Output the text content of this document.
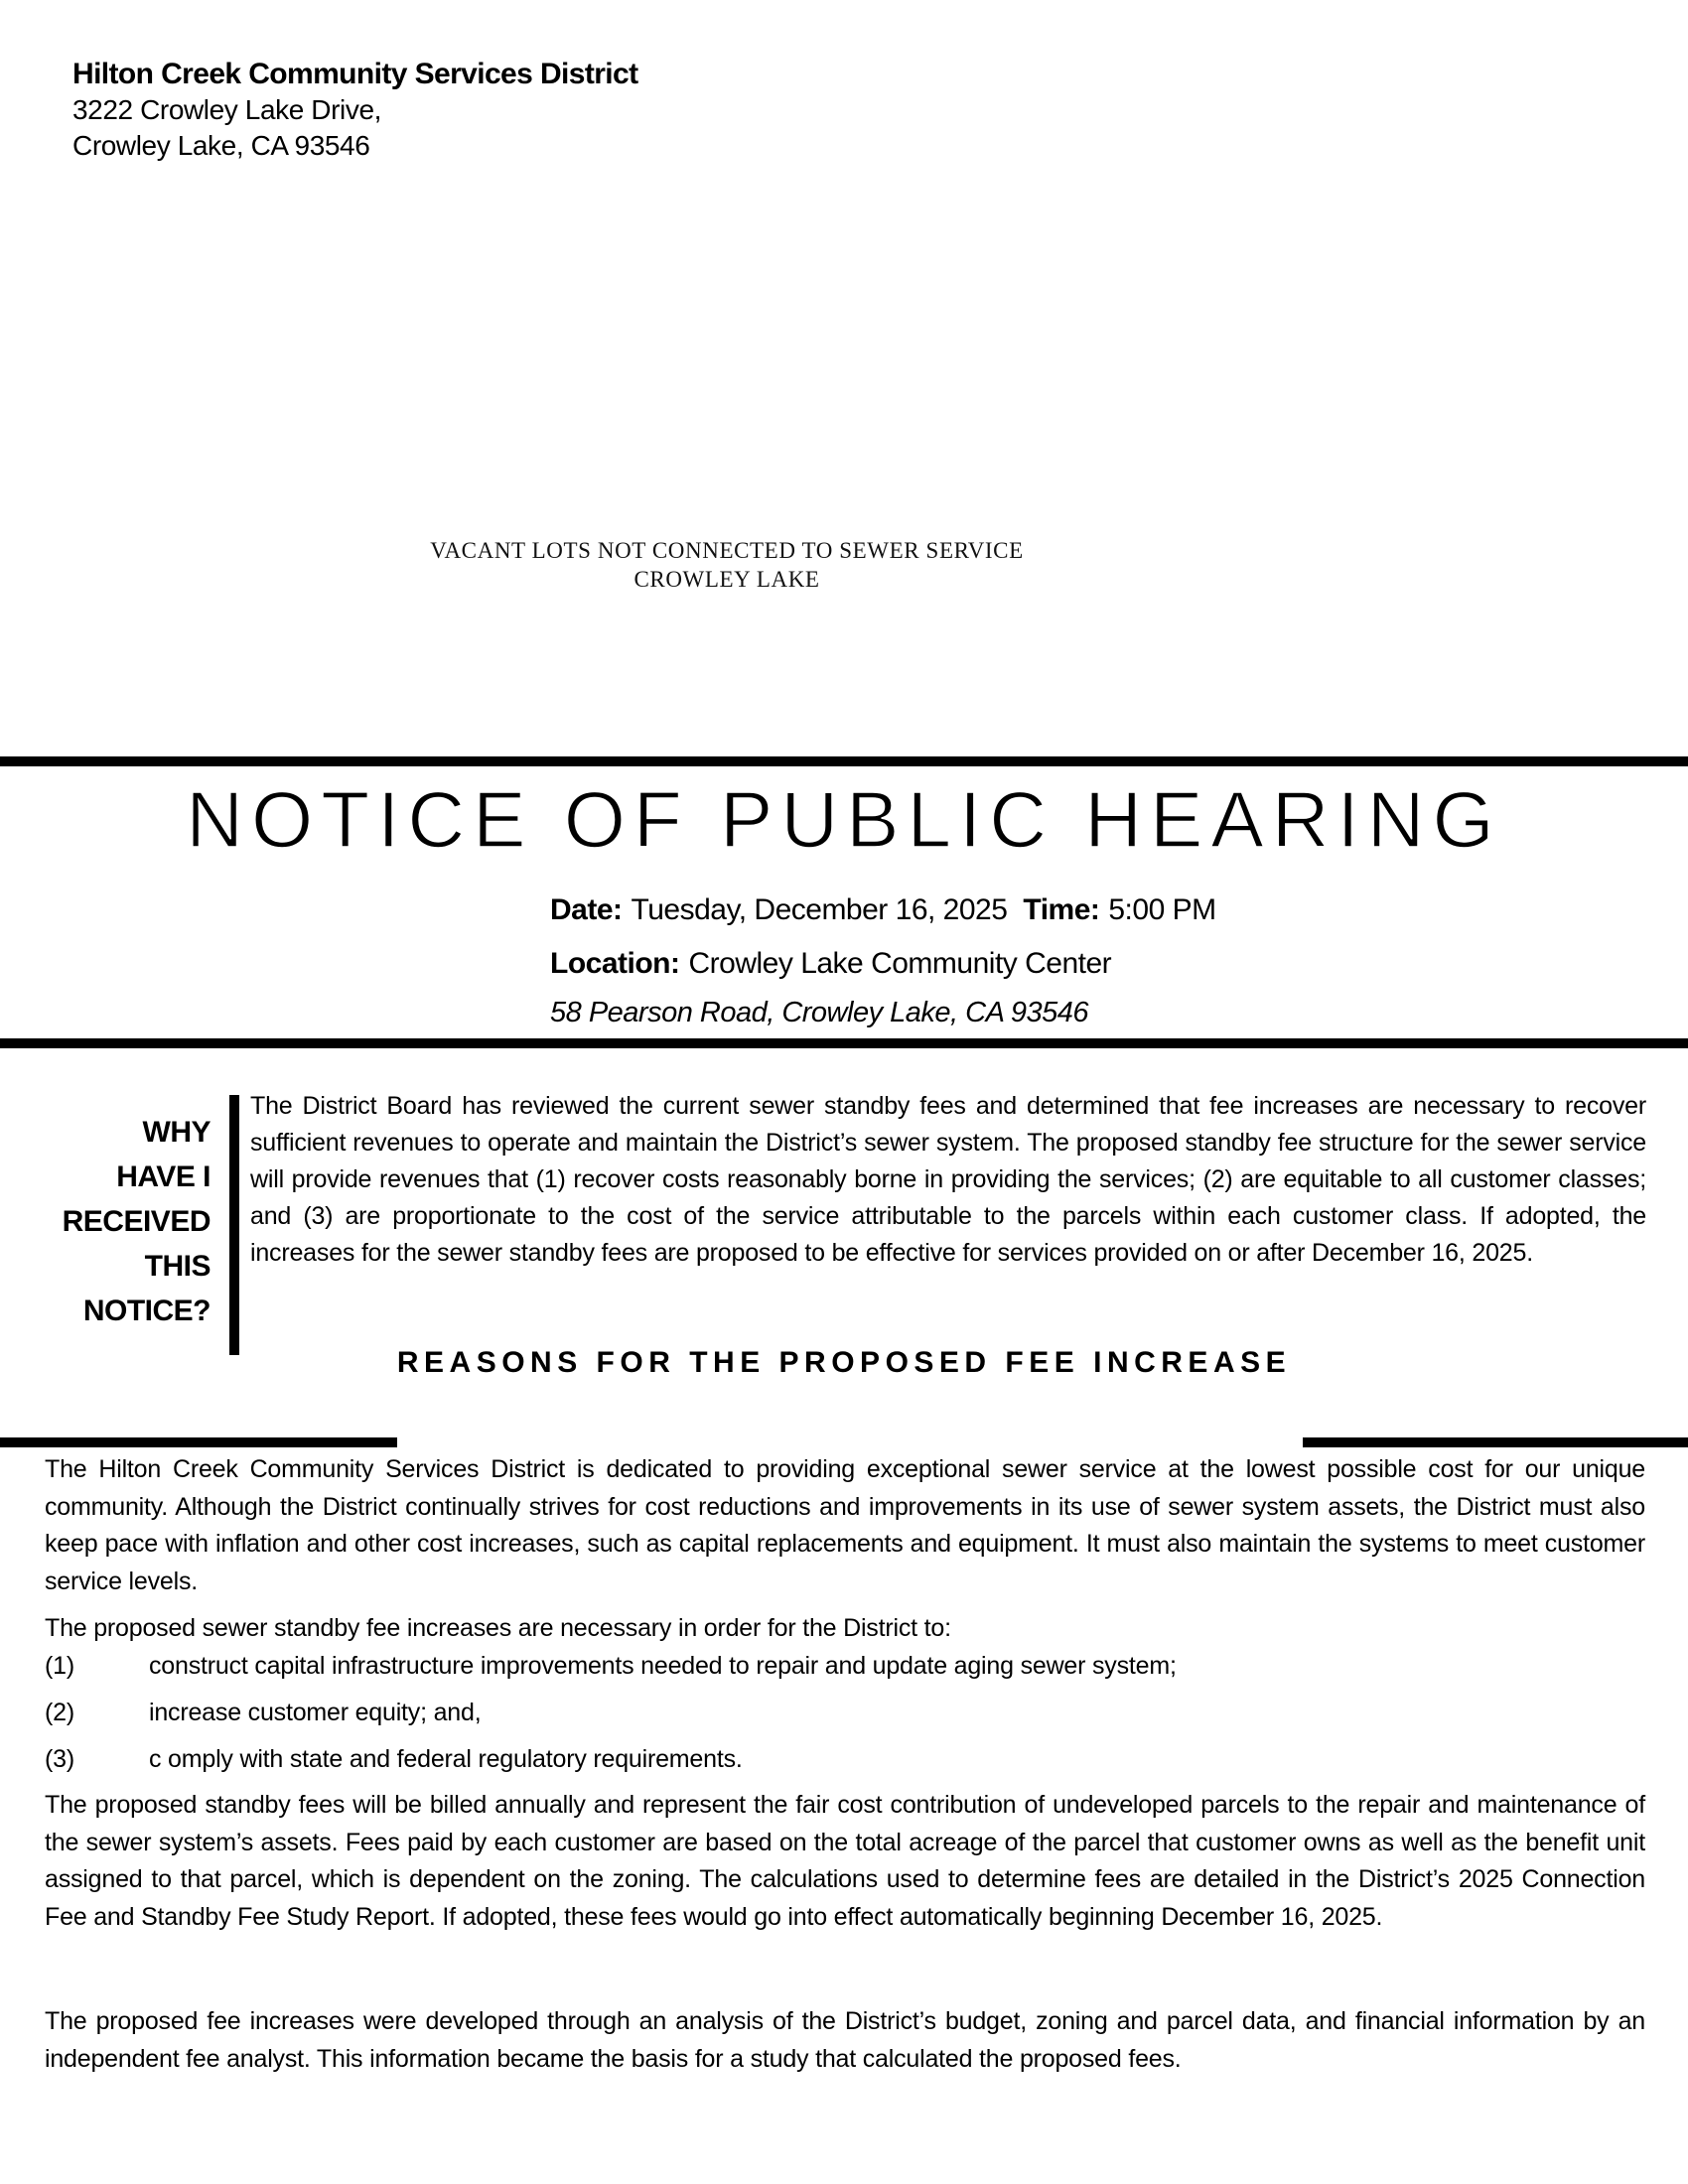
Hilton Creek Community Services District
3222 Crowley Lake Drive,
Crowley Lake, CA 93546
VACANT LOTS NOT CONNECTED TO SEWER SERVICE
CROWLEY LAKE
NOTICE OF PUBLIC HEARING
Date: Tuesday, December 16, 2025 Time: 5:00 PM
Location: Crowley Lake Community Center
58 Pearson Road, Crowley Lake, CA 93546
WHY
HAVE I
RECEIVED
THIS
NOTICE?
The District Board has reviewed the current sewer standby fees and determined that fee increases are necessary to recover sufficient revenues to operate and maintain the District’s sewer system. The proposed standby fee structure for the sewer service will provide revenues that (1) recover costs reasonably borne in providing the services; (2) are equitable to all customer classes; and (3) are proportionate to the cost of the service attributable to the parcels within each customer class. If adopted, the increases for the sewer standby fees are proposed to be effective for services provided on or after December 16, 2025.
REASONS FOR THE PROPOSED FEE INCREASE
The Hilton Creek Community Services District is dedicated to providing exceptional sewer service at the lowest possible cost for our unique community. Although the District continually strives for cost reductions and improvements in its use of sewer system assets, the District must also keep pace with inflation and other cost increases, such as capital replacements and equipment. It must also maintain the systems to meet customer service levels.
The proposed sewer standby fee increases are necessary in order for the District to:
(1)	construct capital infrastructure improvements needed to repair and update aging sewer system;
(2)	increase customer equity; and,
(3)	c omply with state and federal regulatory requirements.
The proposed standby fees will be billed annually and represent the fair cost contribution of undeveloped parcels to the repair and maintenance of the sewer system’s assets. Fees paid by each customer are based on the total acreage of the parcel that customer owns as well as the benefit unit assigned to that parcel, which is dependent on the zoning. The calculations used to determine fees are detailed in the District’s 2025 Connection Fee and Standby Fee Study Report. If adopted, these fees would go into effect automatically beginning December 16, 2025.
The proposed fee increases were developed through an analysis of the District’s budget, zoning and parcel data, and financial information by an independent fee analyst. This information became the basis for a study that calculated the proposed fees.
